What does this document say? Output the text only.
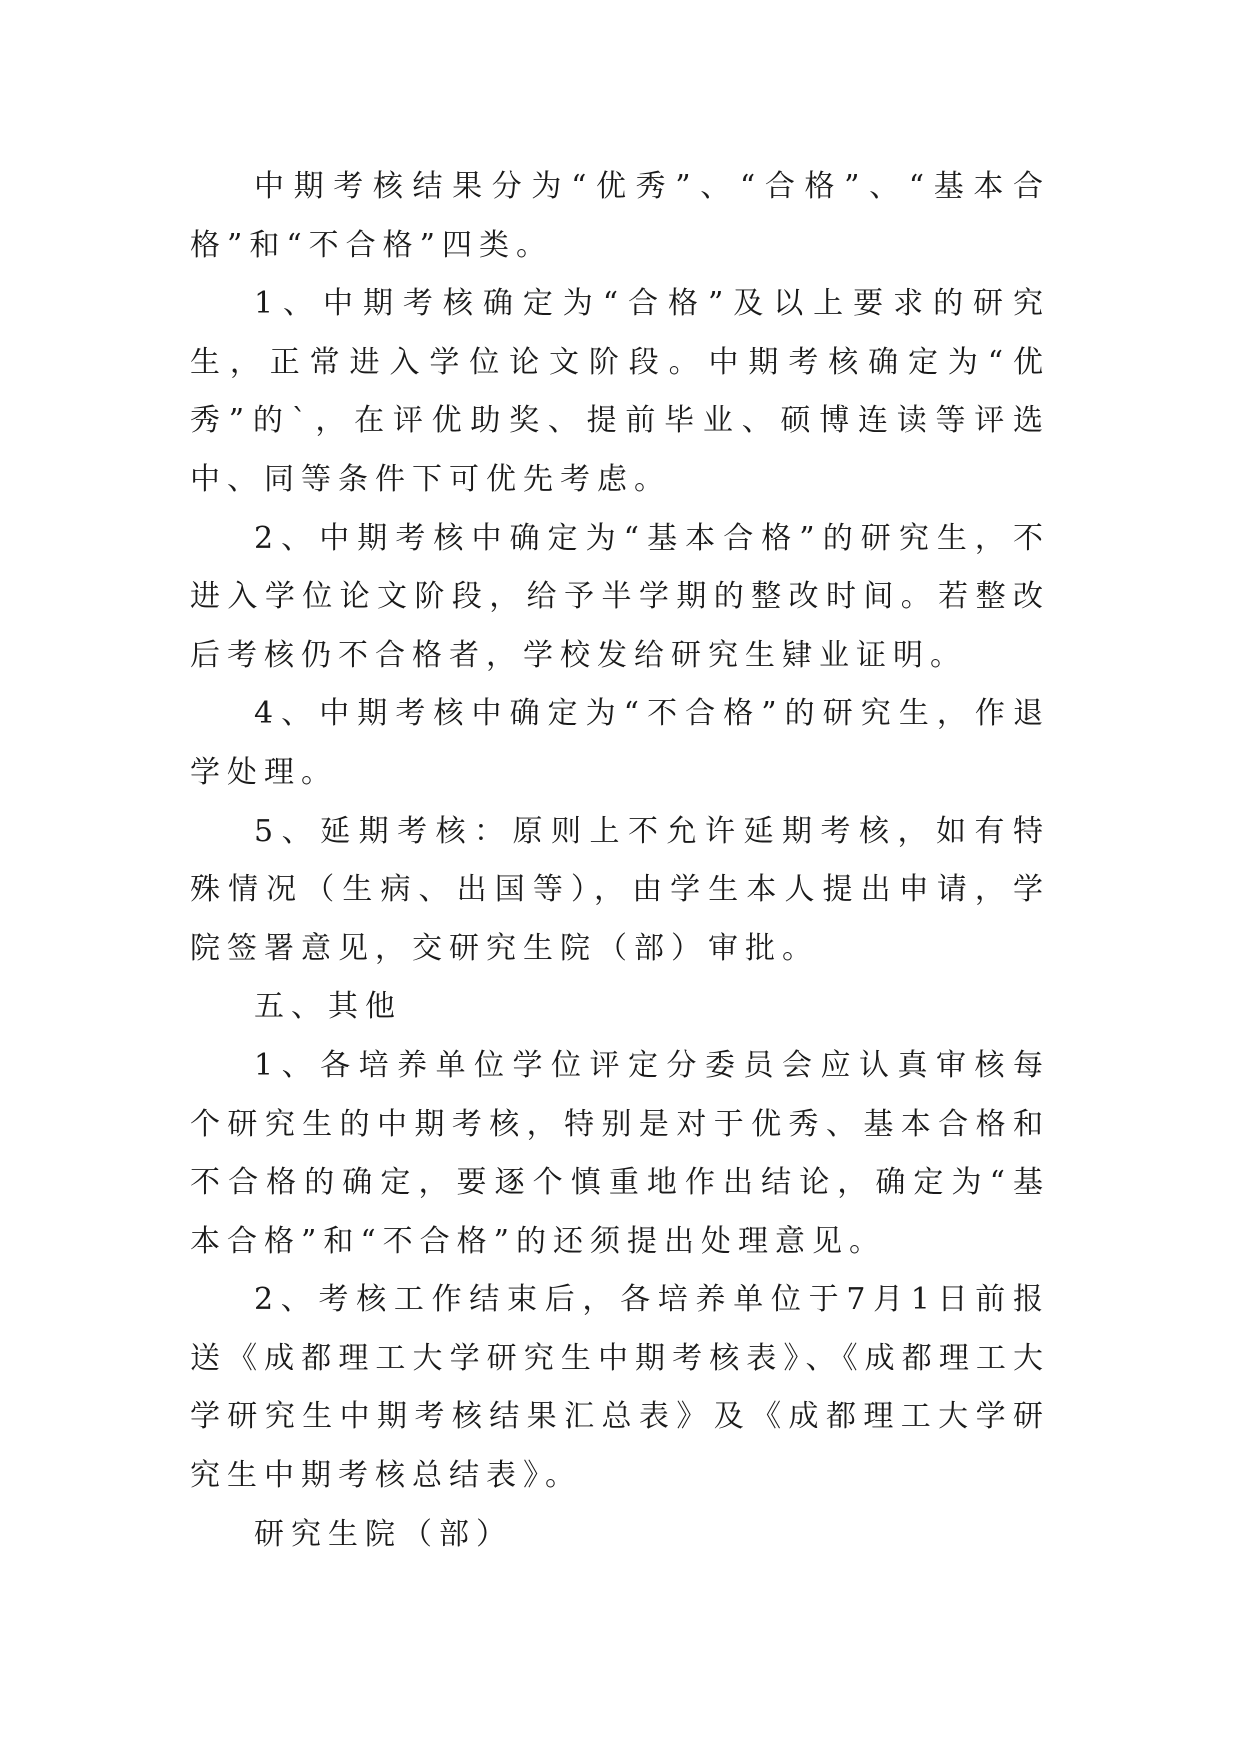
中期考核结果分为“优秀”、“合格”、“基本合格”和“不合格”四类。

1、中期考核确定为“合格”及以上要求的研究生，正常进入学位论文阶段。中期考核确定为“优秀”的`，在评优助奖、提前毕业、硕博连读等评选中、同等条件下可优先考虑。

2、中期考核中确定为“基本合格”的研究生，不进入学位论文阶段，给予半学期的整改时间。若整改后考核仍不合格者，学校发给研究生肄业证明。

4、中期考核中确定为“不合格”的研究生，作退学处理。

5、延期考核：原则上不允许延期考核，如有特殊情况（生病、出国等），由学生本人提出申请，学院签署意见，交研究生院（部）审批。

五、其他

1、各培养单位学位评定分委员会应认真审核每个研究生的中期考核，特别是对于优秀、基本合格和不合格的确定，要逐个慎重地作出结论，确定为“基本合格”和“不合格”的还须提出处理意见。

2、考核工作结束后，各培养单位于7月1日前报送《成都理工大学研究生中期考核表》、《成都理工大学研究生中期考核结果汇总表》及《成都理工大学研究生中期考核总结表》。

研究生院（部）
